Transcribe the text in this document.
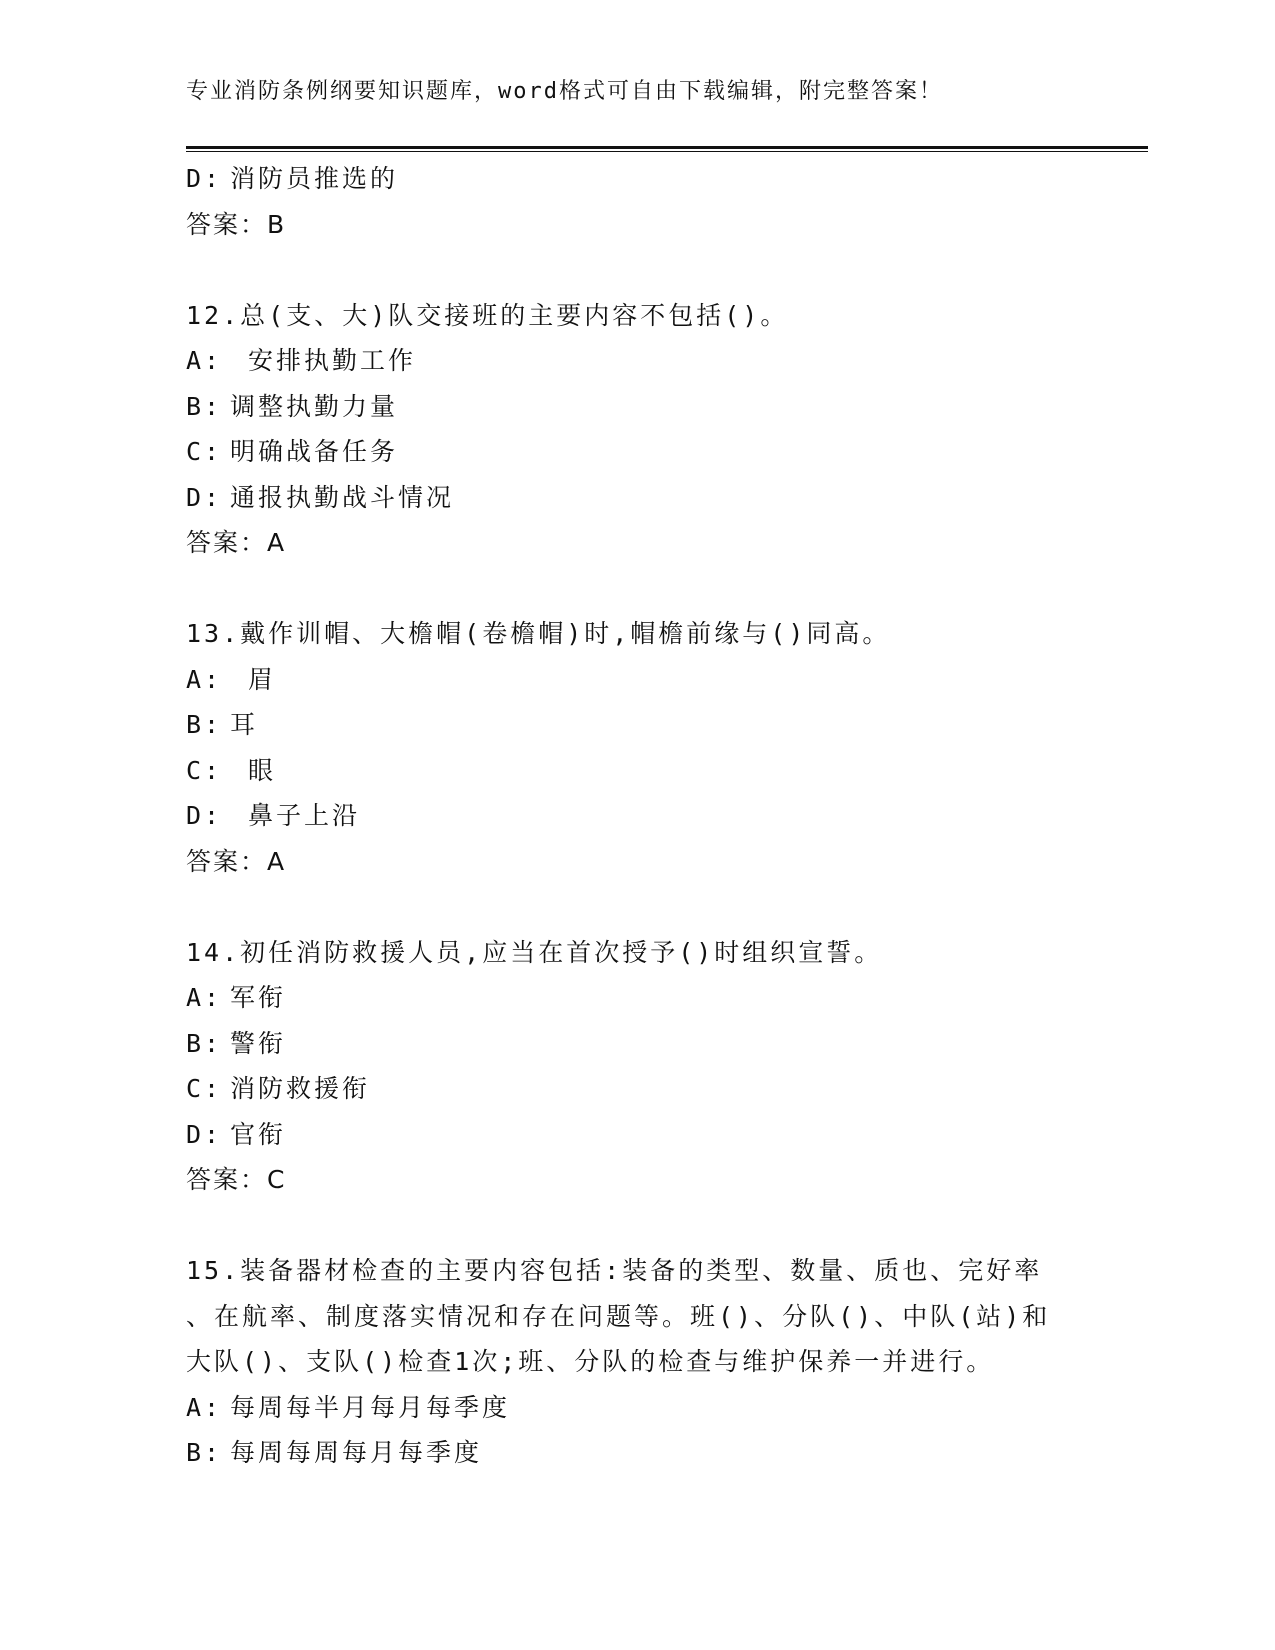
专业消防条例纲要知识题库，word格式可自由下载编辑，附完整答案！
D: 消防员推选的
答案：B
12.总(支、大)队交接班的主要内容不包括()。
A: 安排执勤工作
B: 调整执勤力量
C: 明确战备任务
D: 通报执勤战斗情况
答案：A
13.戴作训帽、大檐帽(卷檐帽)时,帽檐前缘与()同高。
A: 眉
B: 耳
C: 眼
D: 鼻子上沿
答案：A
14.初任消防救援人员,应当在首次授予()时组织宣誓。
A: 军衔
B: 警衔
C: 消防救援衔
D: 官衔
答案：C
15.装备器材检查的主要内容包括:装备的类型、数量、质也、完好率
、在航率、制度落实情况和存在问题等。班()、分队()、中队(站)和
大队()、支队()检查1次;班、分队的检查与维护保养一并进行。
A: 每周每半月每月每季度
B: 每周每周每月每季度
